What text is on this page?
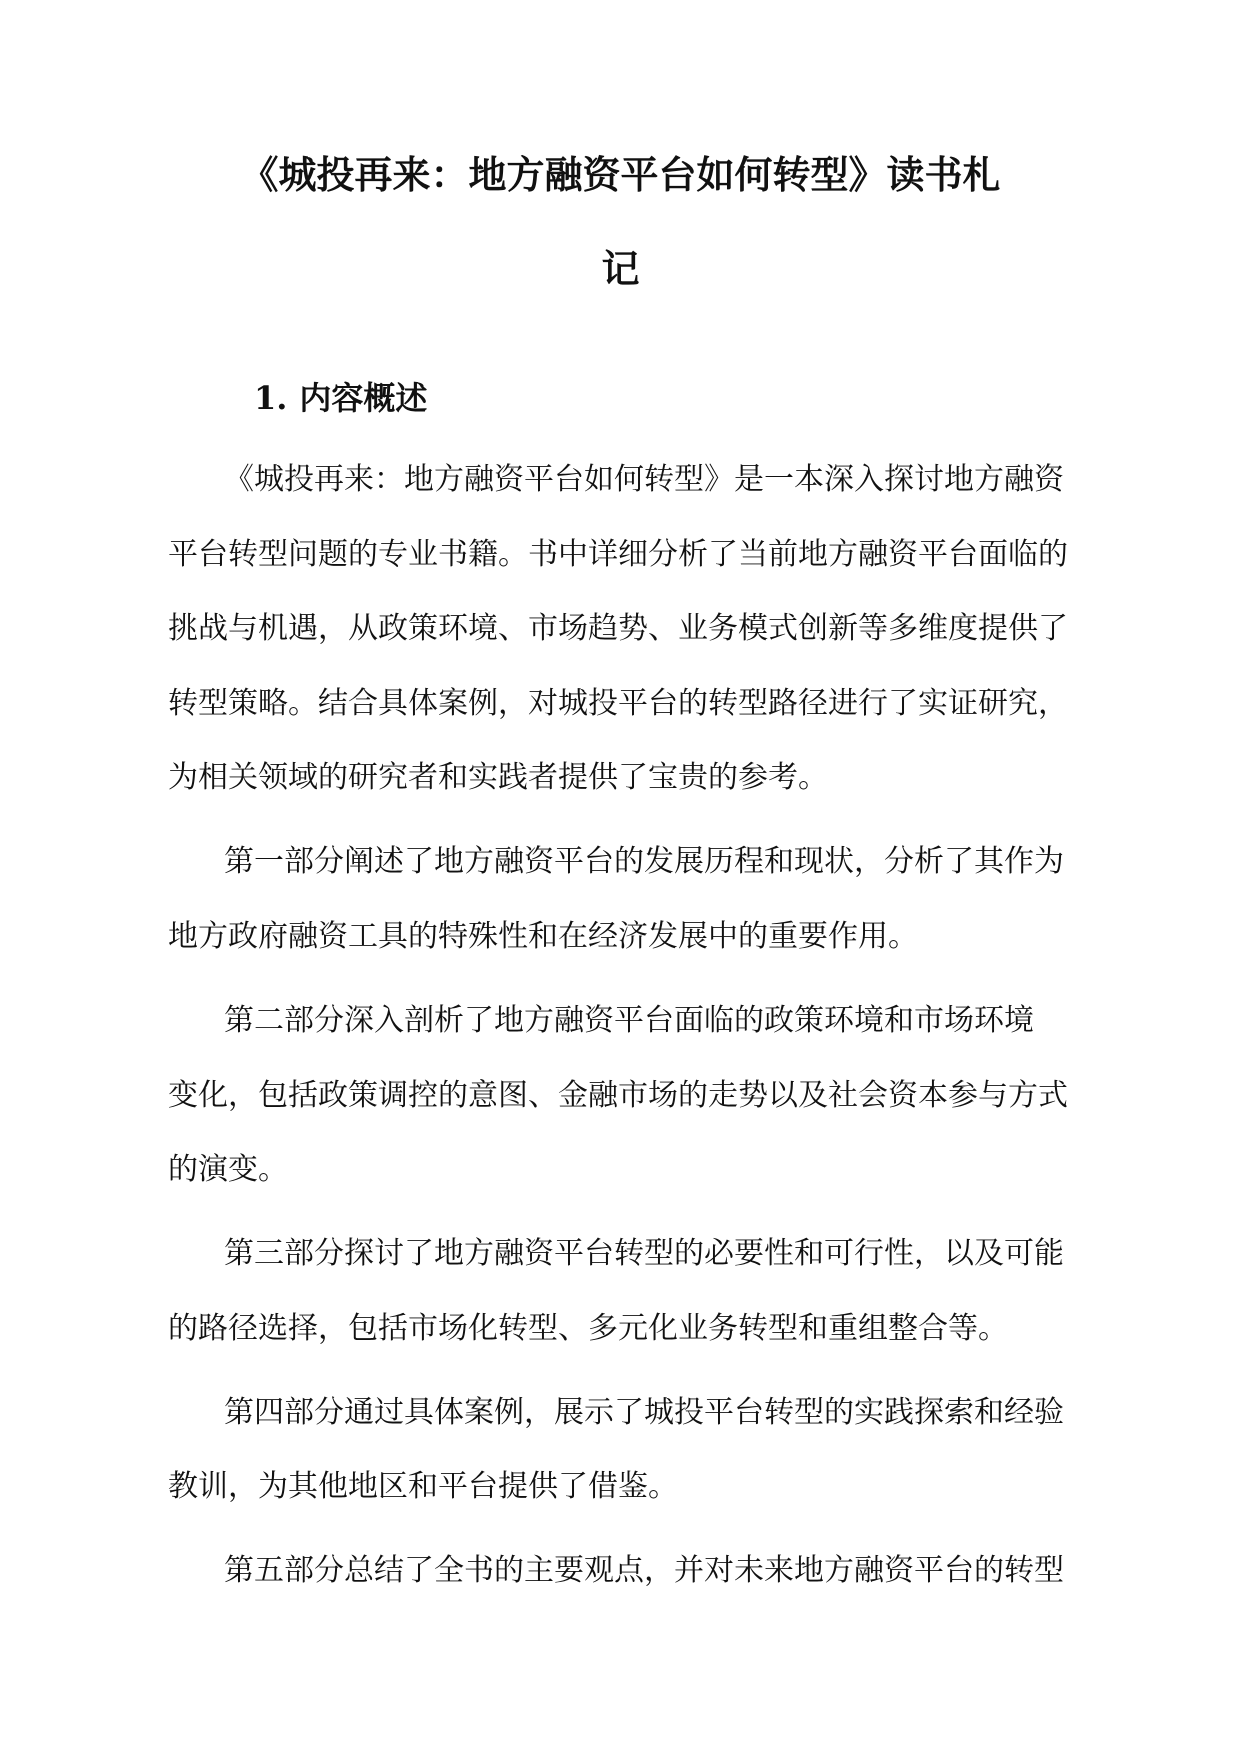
《城投再来：地方融资平台如何转型》读书札
记
1. 内容概述

《城投再来：地方融资平台如何转型》是一本深入探讨地方融资

平台转型问题的专业书籍。书中详细分析了当前地方融资平台面临的

挑战与机遇，从政策环境、市场趋势、业务模式创新等多维度提供了

转型策略。结合具体案例，对城投平台的转型路径进行了实证研究，

为相关领域的研究者和实践者提供了宝贵的参考。

第一部分阐述了地方融资平台的发展历程和现状，分析了其作为

地方政府融资工具的特殊性和在经济发展中的重要作用。

第二部分深入剖析了地方融资平台面临的政策环境和市场环境

变化，包括政策调控的意图、金融市场的走势以及社会资本参与方式

的演变。

第三部分探讨了地方融资平台转型的必要性和可行性，以及可能

的路径选择，包括市场化转型、多元化业务转型和重组整合等。

第四部分通过具体案例，展示了城投平台转型的实践探索和经验

教训，为其他地区和平台提供了借鉴。

第五部分总结了全书的主要观点，并对未来地方融资平台的转型
